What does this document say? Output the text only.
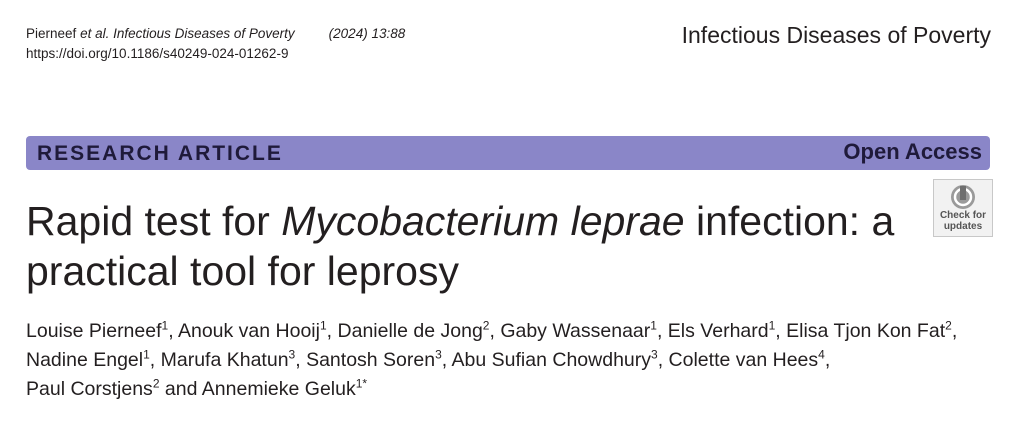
Pierneef et al. Infectious Diseases of Poverty	(2024) 13:88
https://doi.org/10.1186/s40249-024-01262-9
Infectious Diseases of Poverty
RESEARCH ARTICLE	Open Access
Rapid test for Mycobacterium leprae infection: a practical tool for leprosy
Check for
updates
Louise Pierneef$^1$, Anouk van Hooij$^1$, Danielle de Jong$^2$, Gaby Wassenaar$^1$, Els Verhard$^1$, Elisa Tjon Kon Fat$^2$,
Nadine Engel$^1$, Marufa Khatun$^3$, Santosh Soren$^3$, Abu Sufian Chowdhury$^3$, Colette van Hees$^4$,
Paul Corstjens$^2$ and Annemieke Geluk$^{1*}$
